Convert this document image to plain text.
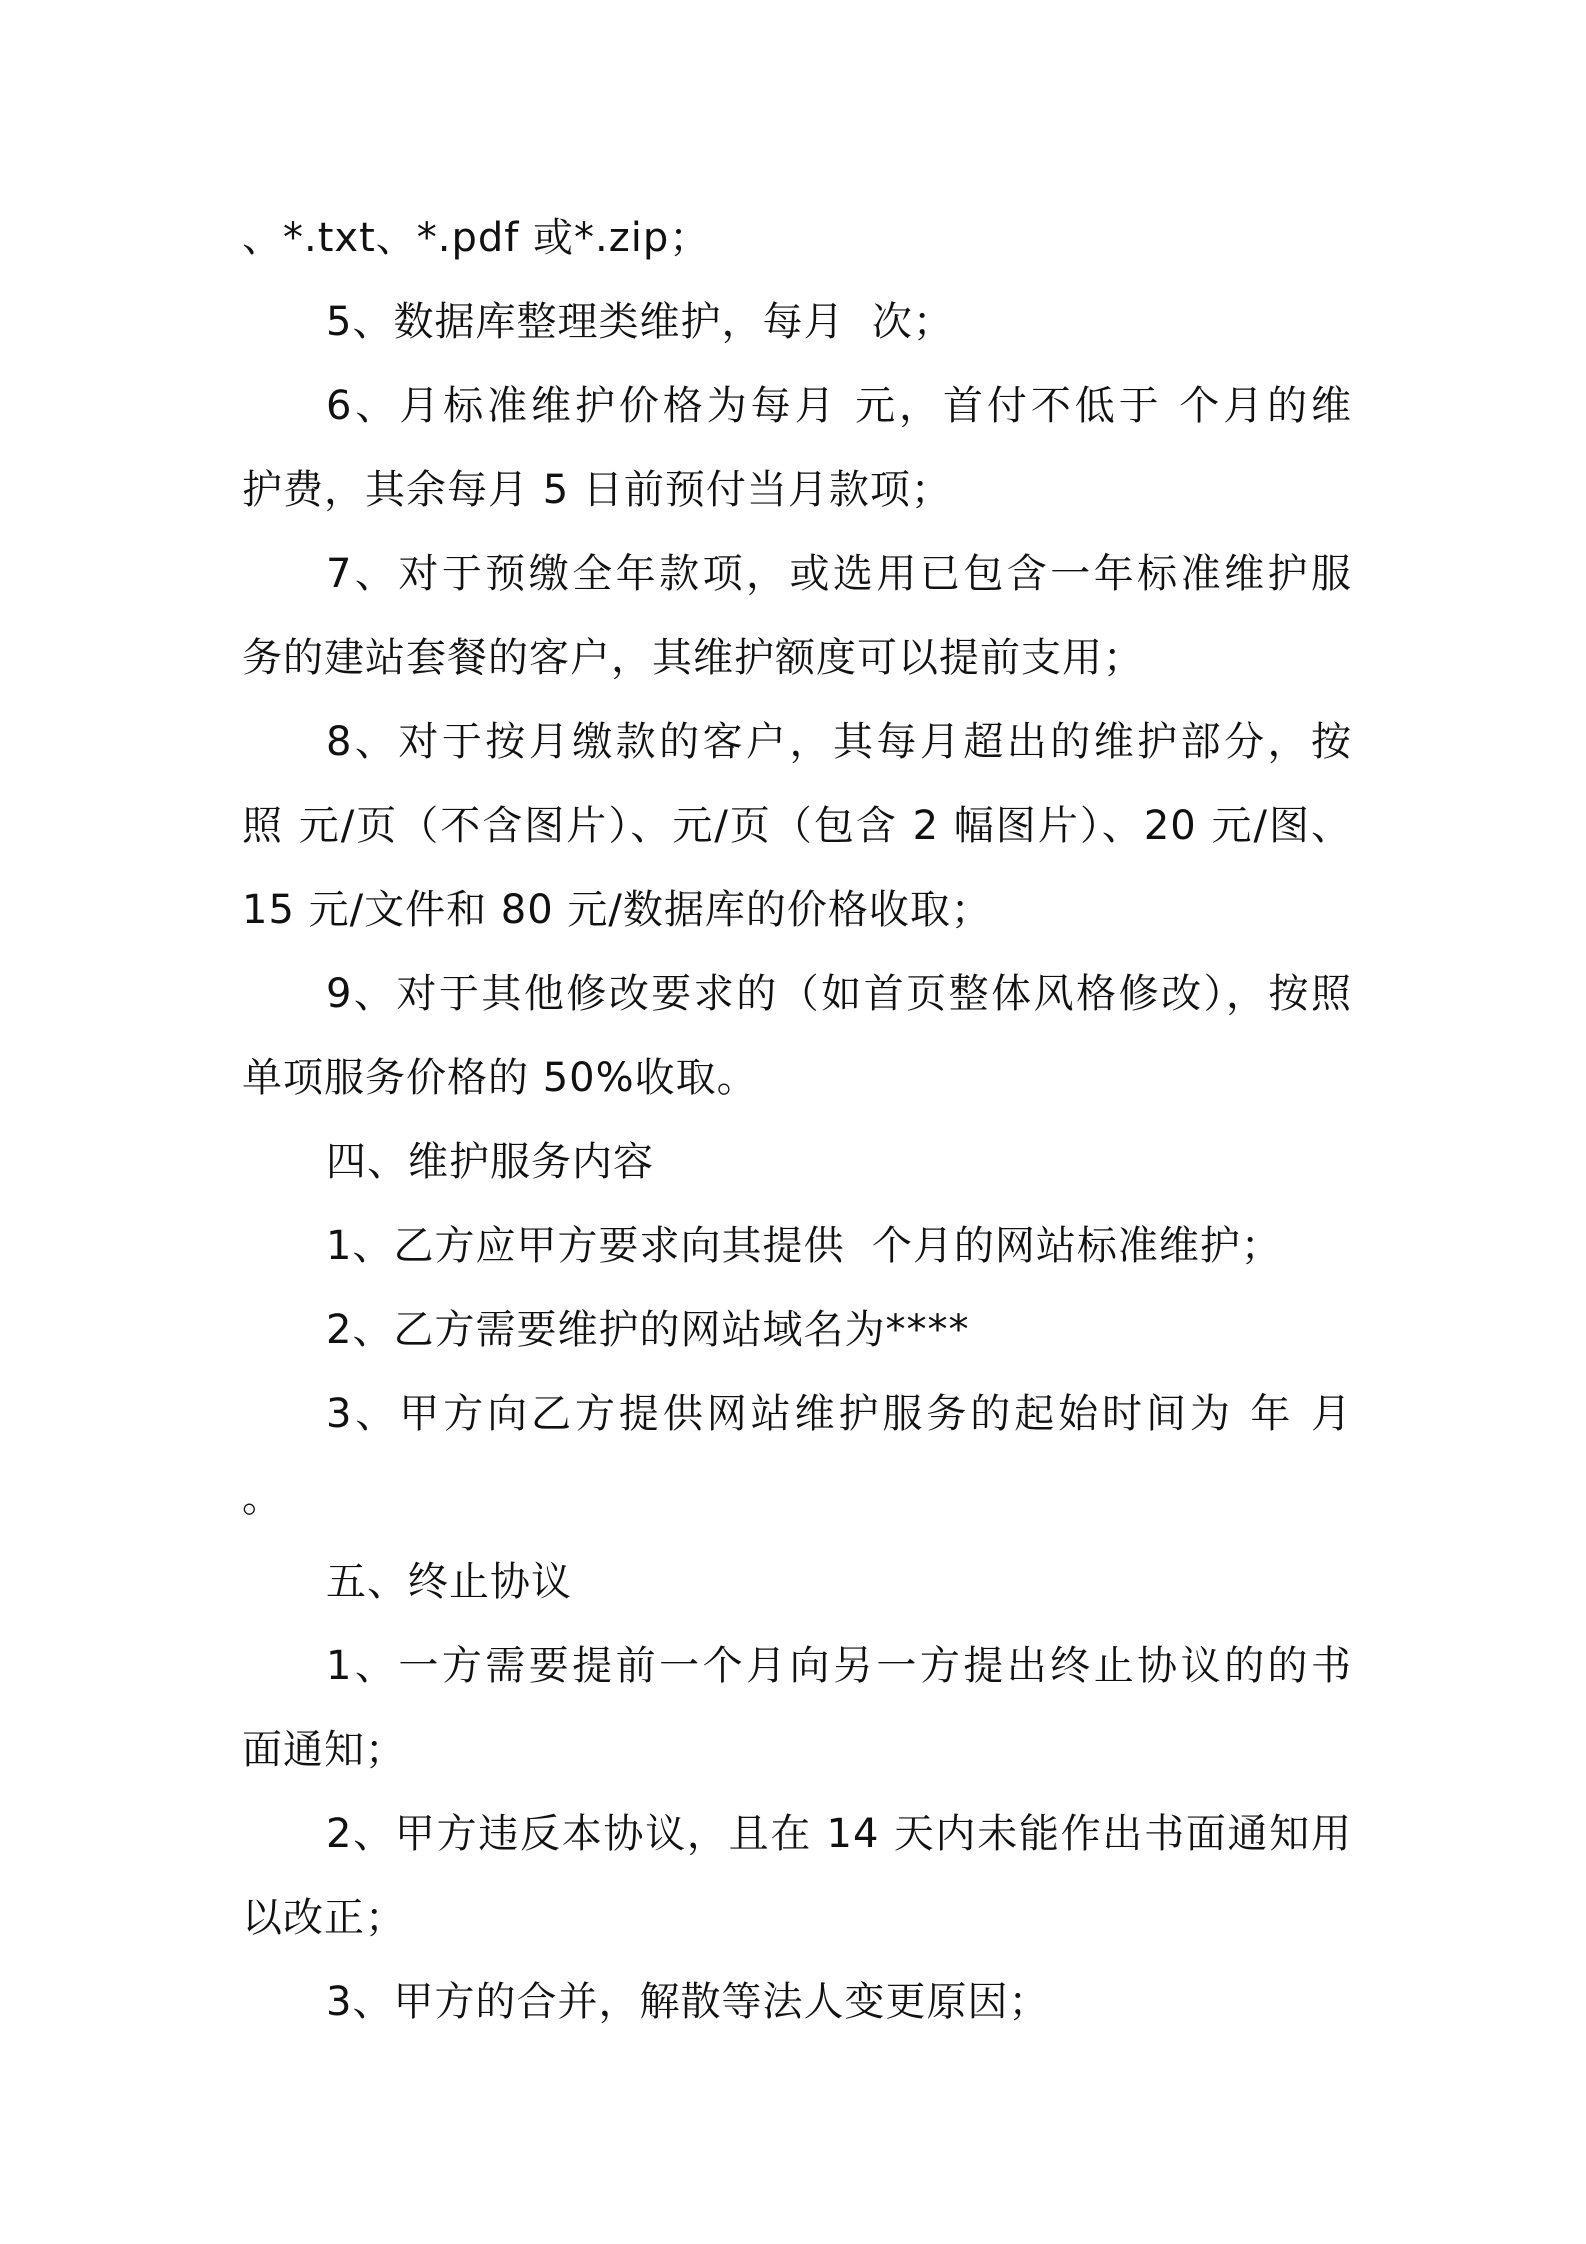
、*.txt、*.pdf 或*.zip；
5、数据库整理类维护，每月  次；
6、月标准维护价格为每月 元，首付不低于 个月的维
护费，其余每月 5 日前预付当月款项；
7、对于预缴全年款项，或选用已包含一年标准维护服
务的建站套餐的客户，其维护额度可以提前支用；
8、对于按月缴款的客户，其每月超出的维护部分，按
照 元/页（不含图片）、元/页（包含 2 幅图片）、20 元/图、
15 元/文件和 80 元/数据库的价格收取；
9、对于其他修改要求的（如首页整体风格修改），按照
单项服务价格的 50%收取。
四、维护服务内容
1、乙方应甲方要求向其提供  个月的网站标准维护；
2、乙方需要维护的网站域名为****
3、甲方向乙方提供网站维护服务的起始时间为 年 月
。
五、终止协议
1、一方需要提前一个月向另一方提出终止协议的的书
面通知；
2、甲方违反本协议，且在 14 天内未能作出书面通知用
以改正；
3、甲方的合并，解散等法人变更原因；
